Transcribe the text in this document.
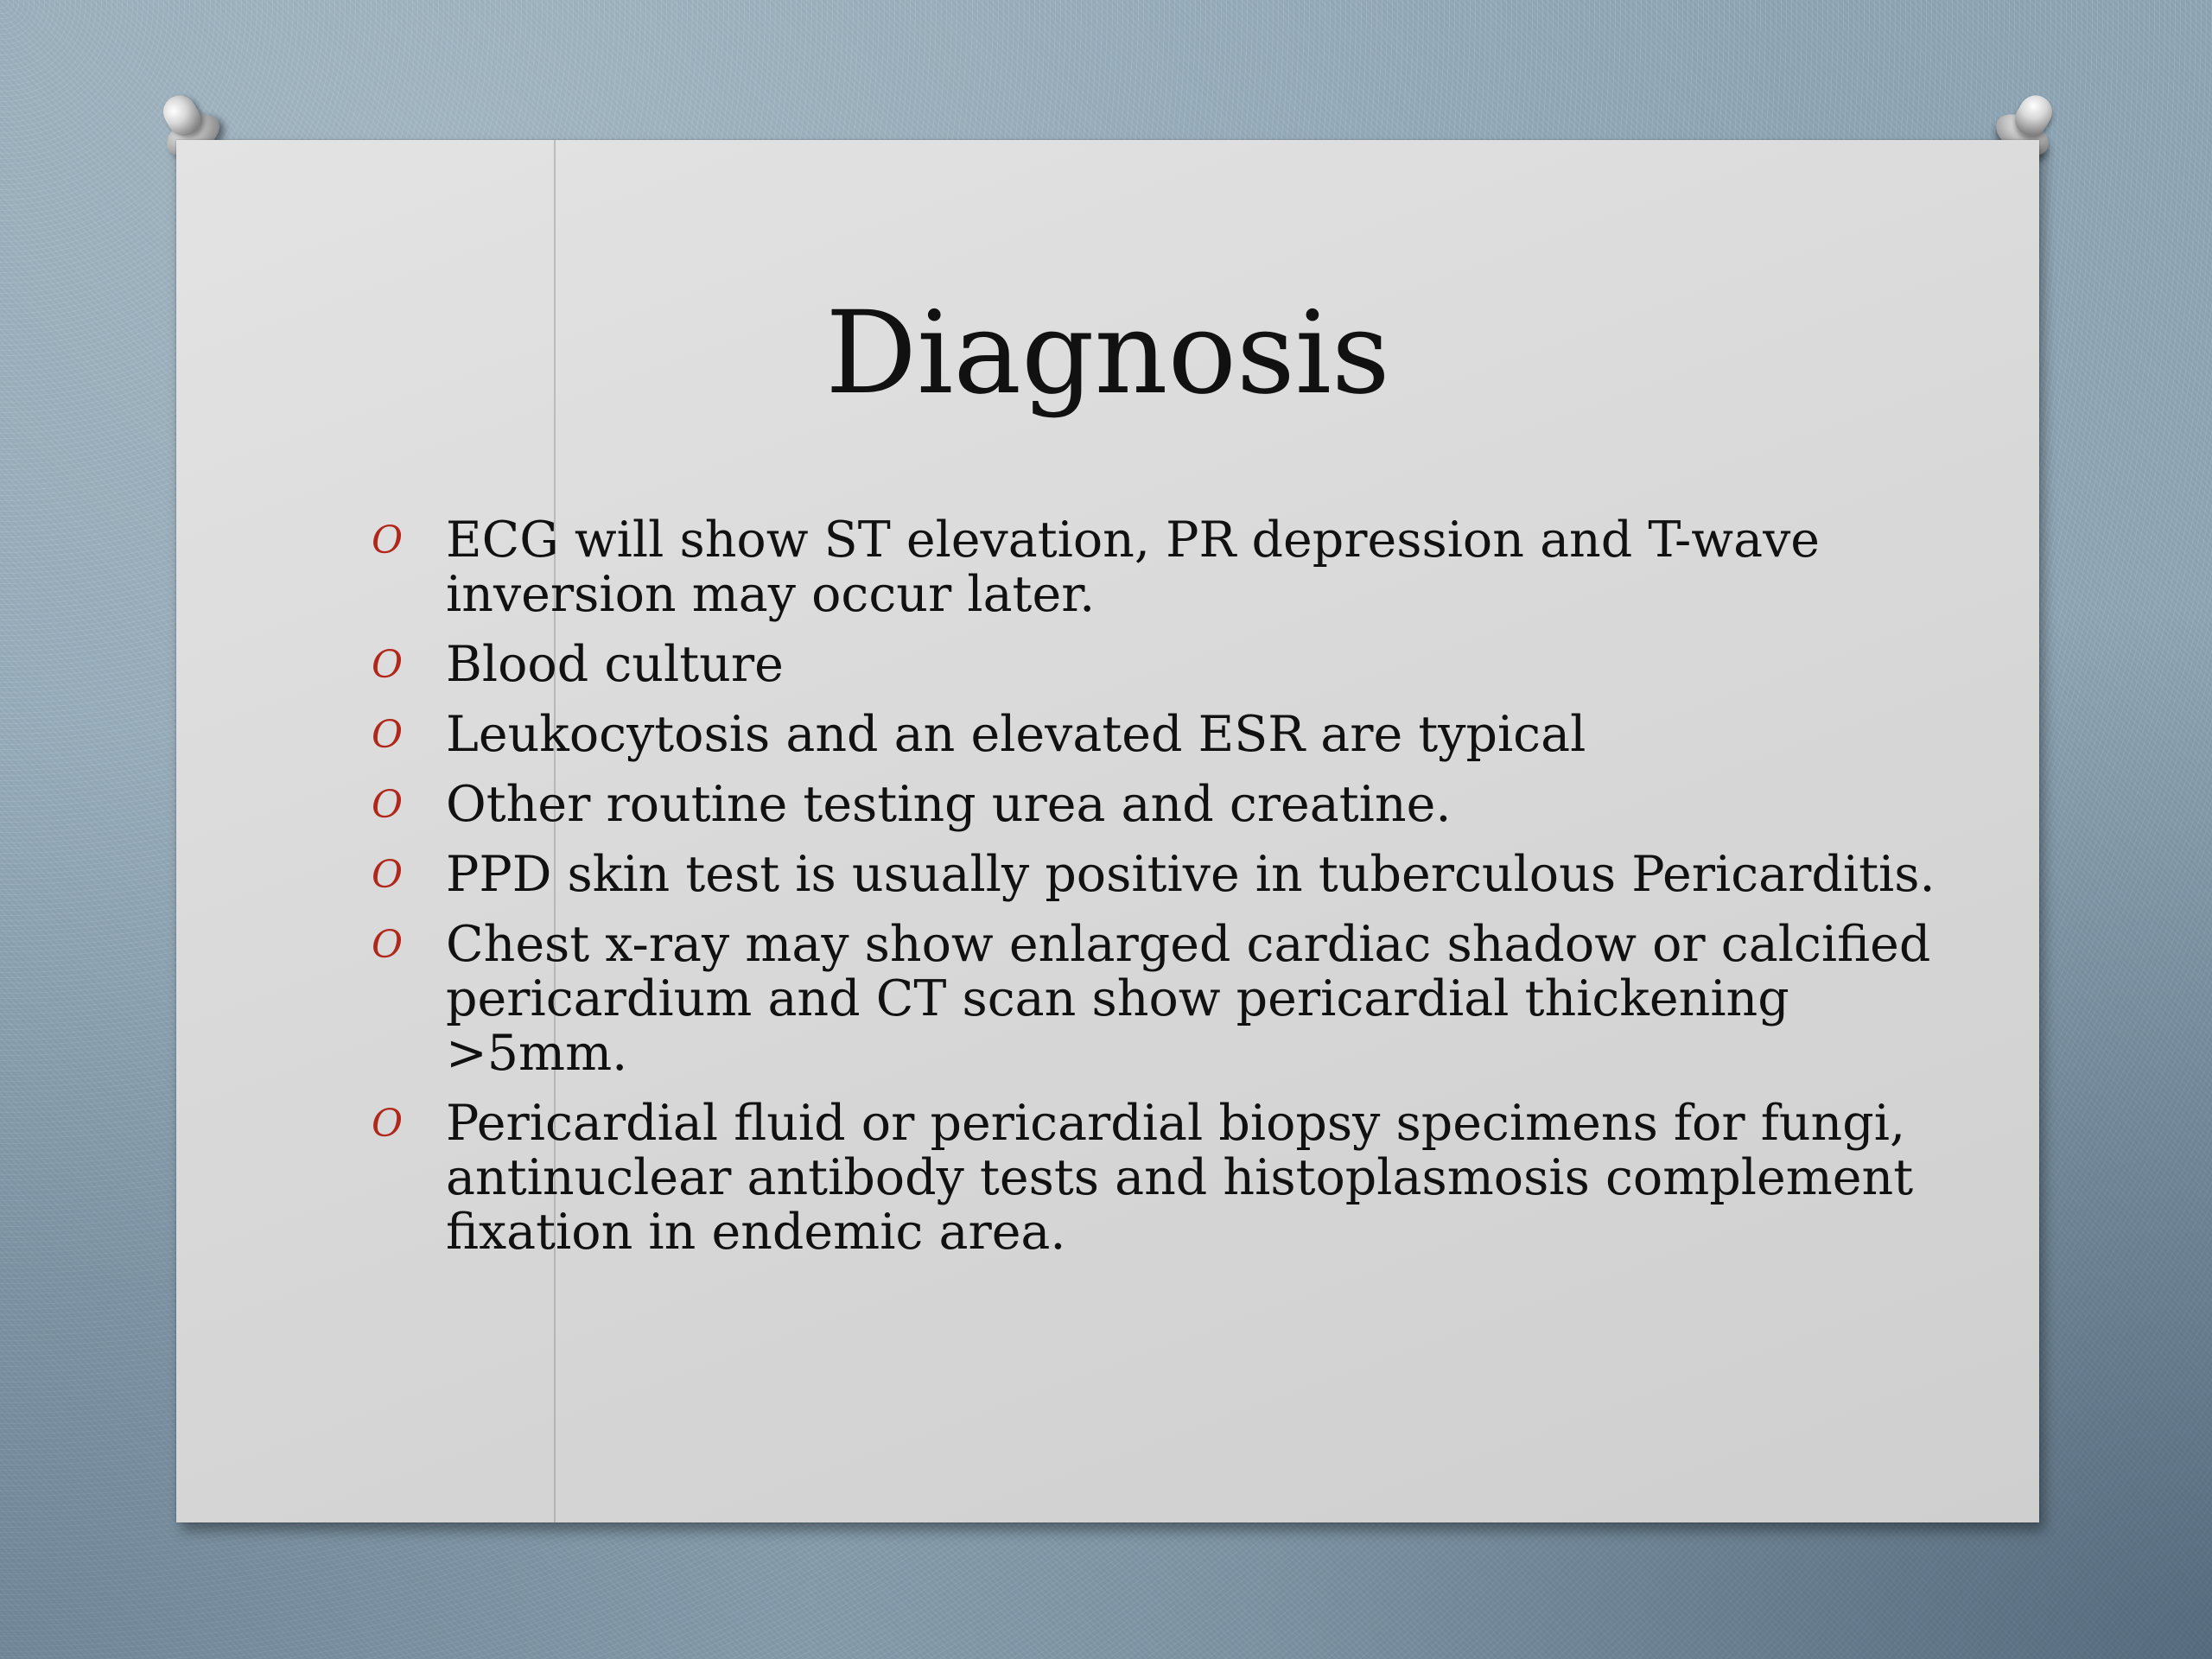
Diagnosis
O ECG will show ST elevation, PR depression and T-wave inversion may occur later.
O Blood culture
O Leukocytosis and an elevated ESR are typical
O Other routine testing urea and creatine.
O PPD skin test is usually positive in tuberculous Pericarditis.
O Chest x-ray may show enlarged cardiac shadow or calcified pericardium and CT scan show pericardial thickening >5mm.
O Pericardial fluid or pericardial biopsy specimens for fungi, antinuclear antibody tests and histoplasmosis complement fixation in endemic area.
